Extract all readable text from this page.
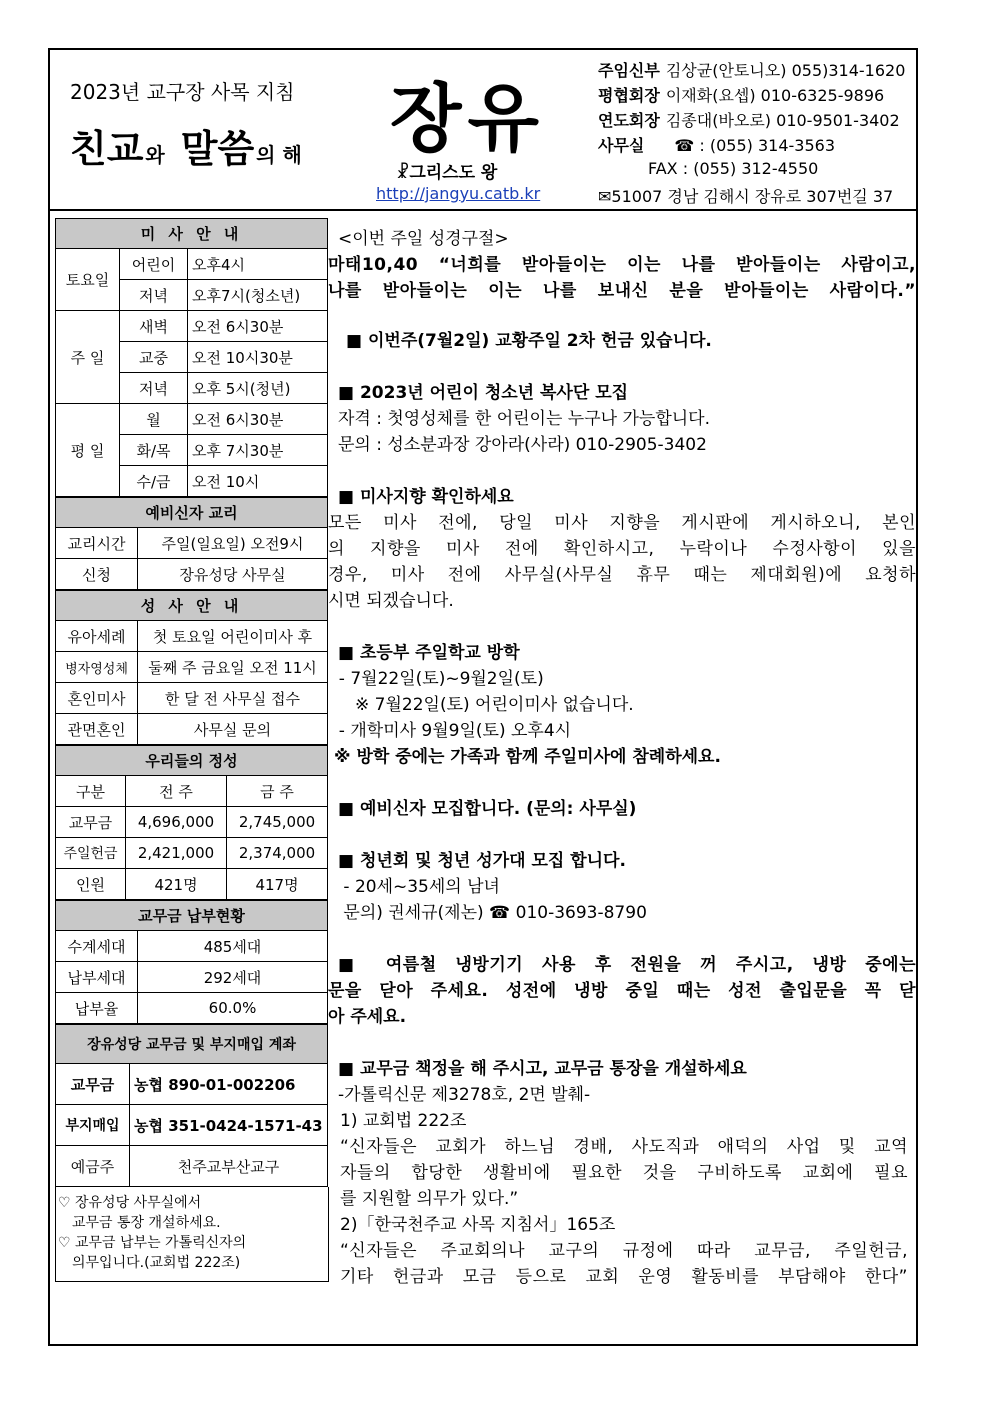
2023년 교구장 사목 지침
친교 와 말씀 의 해 장유
☧그리스도 왕
http://jangyu.catb.kr
주임신부 김상균(안토니오) 055)314-1620
평협회장 이재화(요셉) 010-6325-9896
연도회장 김종대(바오로) 010-9501-3402
사무실 ☎ : (055) 314-3563
FAX : (055) 312-4550
✉51007 경남 김해시 장유로 307번길 37
미 사 안 내		
토요일	어린이	오후4시
	저녁	오후7시(청소년)
주 일	새벽	오전 6시30분
	교중	오전 10시30분
	저녁	오후 5시(청년)
평 일	월	오전 6시30분
	화/목	오후 7시30분
	수/금	오전 10시
예비신자 교리	
교리시간	주일(일요일) 오전9시
신청	장유성당 사무실
성 사 안 내	
유아세례	첫 토요일 어린이미사 후
병자영성체	둘째 주 금요일 오전 11시
혼인미사	한 달 전 사무실 접수
관면혼인	사무실 문의
우리들의 정성		
구분	전 주	금 주
교무금	4,696,000	2,745,000
주일헌금	2,421,000	2,374,000
인원	421명	417명
교무금 납부현황	
수계세대	485세대
납부세대	292세대
납부율	60.0%
장유성당 교무금 및 부지매입 계좌	
교무금	농협 890-01-002206
부지매입	농협 351-0424-1571-43
예금주	천주교부산교구
♡ 장유성당 사무실에서
교무금 통장 개설하세요.
♡ 교무금 납부는 가톨릭신자의
의무입니다.(교회법 222조)

<이번 주일 성경구절>

마태10,40 “너희를 받아들이는 이는 나를 받아들이는 사람이고,

나를 받아들이는 이는 나를 보내신 분을 받아들이는 사람이다.”

■ 이번주(7월2일) 교황주일 2차 헌금 있습니다.

■ 2023년 어린이 청소년 복사단 모집

자격 : 첫영성체를 한 어린이는 누구나 가능합니다.

문의 : 성소분과장 강아라(사라) 010-2905-3402

■ 미사지향 확인하세요

모든 미사 전에, 당일 미사 지향을 게시판에 게시하오니, 본인

의 지향을 미사 전에 확인하시고, 누락이나 수정사항이 있을

경우, 미사 전에 사무실(사무실 휴무 때는 제대회원)에 요청하

시면 되겠습니다.

■ 초등부 주일학교 방학

- 7월22일(토)~9월2일(토)

※ 7월22일(토) 어린이미사 없습니다.

- 개학미사 9월9일(토) 오후4시

※ 방학 중에는 가족과 함께 주일미사에 참례하세요.

■ 예비신자 모집합니다. (문의: 사무실)

■ 청년회 및 청년 성가대 모집 합니다.

- 20세~35세의 남녀

문의) 권세규(제논) ☎ 010-3693-8790

■ 여름철 냉방기기 사용 후 전원을 꺼 주시고, 냉방 중에는

문을 닫아 주세요. 성전에 냉방 중일 때는 성전 출입문을 꼭 닫

아 주세요.

■ 교무금 책정을 해 주시고, 교무금 통장을 개설하세요

-가톨릭신문 제3278호, 2면 발췌-

1) 교회법 222조

“신자들은 교회가 하느님 경배, 사도직과 애덕의 사업 및 교역

자들의 합당한 생활비에 필요한 것을 구비하도록 교회에 필요

를 지원할 의무가 있다.”

2)「한국천주교 사목 지침서」165조

“신자들은 주교회의나 교구의 규정에 따라 교무금, 주일헌금,

기타 헌금과 모금 등으로 교회 운영 활동비를 부담해야 한다”
